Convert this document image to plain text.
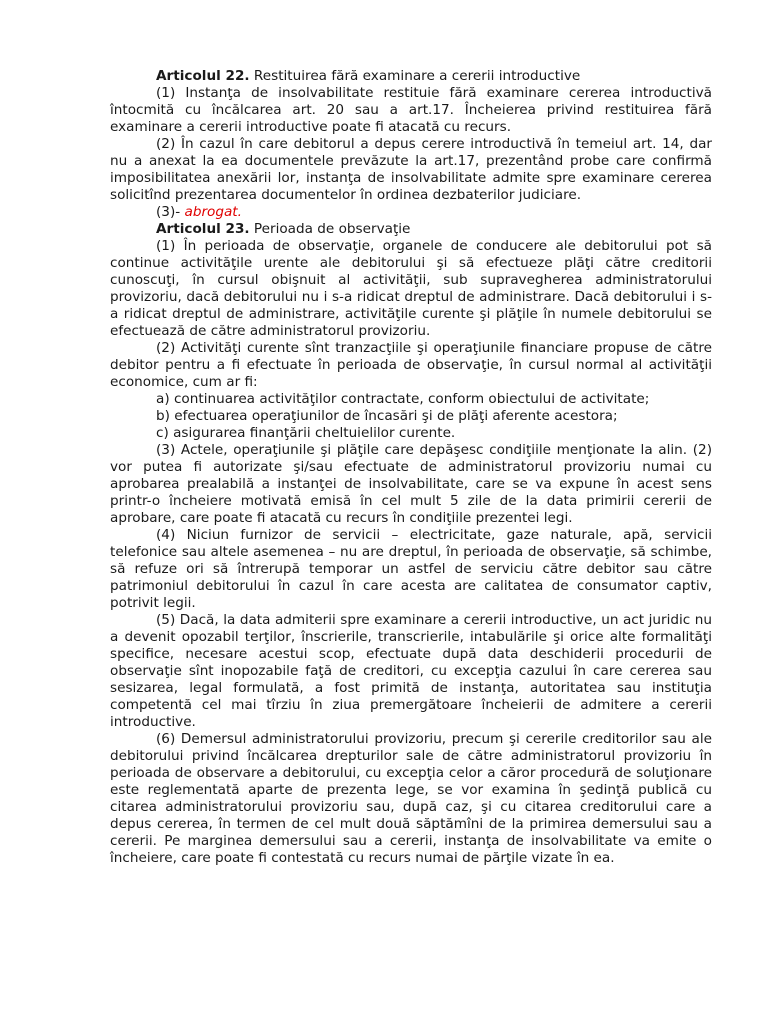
Articolul 22. Restituirea fără examinare a cererii introductive

(1) Instanţa de insolvabilitate restituie fără examinare cererea introductivă întocmită cu încălcarea art. 20 sau a art.17. Încheierea privind restituirea fără examinare a cererii introductive poate fi atacată cu recurs.

(2) În cazul în care debitorul a depus cerere introductivă în temeiul art. 14, dar nu a anexat la ea documentele prevăzute la art.17, prezentând probe care confirmă imposibilitatea anexării lor, instanţa de insolvabilitate admite spre examinare cererea solicitînd prezentarea documentelor în ordinea dezbaterilor judiciare.

(3)- abrogat.

Articolul 23. Perioada de observaţie

(1) În perioada de observaţie, organele de conducere ale debitorului pot să continue activităţile urente ale debitorului şi să efectueze plăţi către creditorii cunoscuţi, în cursul obişnuit al activităţii, sub supravegherea administratorului provizoriu, dacă debitorului nu i s-a ridicat dreptul de administrare. Dacă debitorului i s-a ridicat dreptul de administrare, activităţile curente şi plăţile în numele debitorului se efectuează de către administratorul provizoriu.

(2) Activităţi curente sînt tranzacţiile şi operaţiunile financiare propuse de către debitor pentru a fi efectuate în perioada de observaţie, în cursul normal al activităţii economice, cum ar fi:

a) continuarea activităţilor contractate, conform obiectului de activitate;

b) efectuarea operaţiunilor de încasări şi de plăţi aferente acestora;

c) asigurarea finanţării cheltuielilor curente.

(3) Actele, operaţiunile şi plăţile care depăşesc condiţiile menţionate la alin. (2) vor putea fi autorizate şi/sau efectuate de administratorul provizoriu numai cu aprobarea prealabilă a instanţei de insolvabilitate, care se va expune în acest sens printr-o încheiere motivată emisă în cel mult 5 zile de la data primirii cererii de aprobare, care poate fi atacată cu recurs în condiţiile prezentei legi.

(4) Niciun furnizor de servicii – electricitate, gaze naturale, apă, servicii telefonice sau altele asemenea – nu are dreptul, în perioada de observaţie, să schimbe, să refuze ori să întrerupă temporar un astfel de serviciu către debitor sau către patrimoniul debitorului în cazul în care acesta are calitatea de consumator captiv, potrivit legii.

(5) Dacă, la data admiterii spre examinare a cererii introductive, un act juridic nu a devenit opozabil terţilor, înscrierile, transcrierile, intabulările şi orice alte formalităţi specifice, necesare acestui scop, efectuate după data deschiderii procedurii de observaţie sînt inopozabile faţă de creditori, cu excepţia cazului în care cererea sau sesizarea, legal formulată, a fost primită de instanţa, autoritatea sau instituţia competentă cel mai tîrziu în ziua premergătoare încheierii de admitere a cererii introductive.

(6) Demersul administratorului provizoriu, precum şi cererile creditorilor sau ale debitorului privind încălcarea drepturilor sale de către administratorul provizoriu în perioada de observare a debitorului, cu excepţia celor a căror procedură de soluţionare este reglementată aparte de prezenta lege, se vor examina în şedinţă publică cu citarea administratorului provizoriu sau, după caz, şi cu citarea creditorului care a depus cererea, în termen de cel mult două săptămîni de la primirea demersului sau a cererii. Pe marginea demersului sau a cererii, instanţa de insolvabilitate va emite o încheiere, care poate fi contestată cu recurs numai de părţile vizate în ea.
